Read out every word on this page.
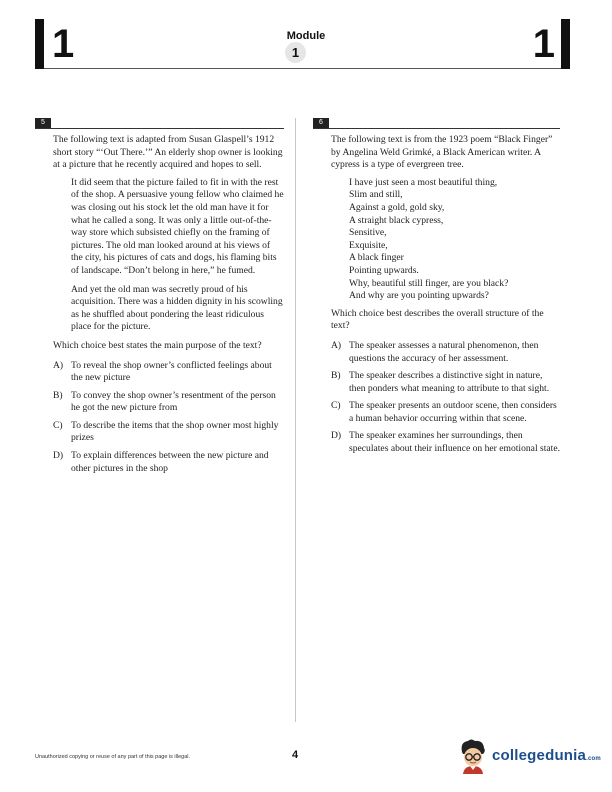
1	Module
1	1
5

The following text is adapted from Susan Glaspell’s 1912 short story “‘Out There.’” An elderly shop owner is looking at a picture that he recently acquired and hopes to sell.

It did seem that the picture failed to fit in with the rest of the shop. A persuasive young fellow who claimed he was closing out his stock let the old man have it for what he called a song. It was only a little out-of-the-way store which subsisted chiefly on the framing of pictures. The old man looked around at his views of the city, his pictures of cats and dogs, his flaming bits of landscape. “Don’t belong in here,” he fumed.

And yet the old man was secretly proud of his acquisition. There was a hidden dignity in his scowling as he shuffled about pondering the least ridiculous place for the picture.

Which choice best states the main purpose of the text?

A) To reveal the shop owner’s conflicted feelings about the new picture
B) To convey the shop owner’s resentment of the person he got the new picture from
C) To describe the items that the shop owner most highly prizes
D) To explain differences between the new picture and other pictures in the shop
6

The following text is from the 1923 poem “Black Finger” by Angelina Weld Grimké, a Black American writer. A cypress is a type of evergreen tree.

I have just seen a most beautiful thing,
Slim and still,
Against a gold, gold sky,
A straight black cypress,
Sensitive,
Exquisite,
A black finger
Pointing upwards.
Why, beautiful still finger, are you black?
And why are you pointing upwards?

Which choice best describes the overall structure of the text?

A) The speaker assesses a natural phenomenon, then questions the accuracy of her assessment.
B) The speaker describes a distinctive sight in nature, then ponders what meaning to attribute to that sight.
C) The speaker presents an outdoor scene, then considers a human behavior occurring within that scene.
D) The speaker examines her surroundings, then speculates about their influence on her emotional state.
Unauthorized copying or reuse of any part of this page is illegal.	4	collegedunia.com
